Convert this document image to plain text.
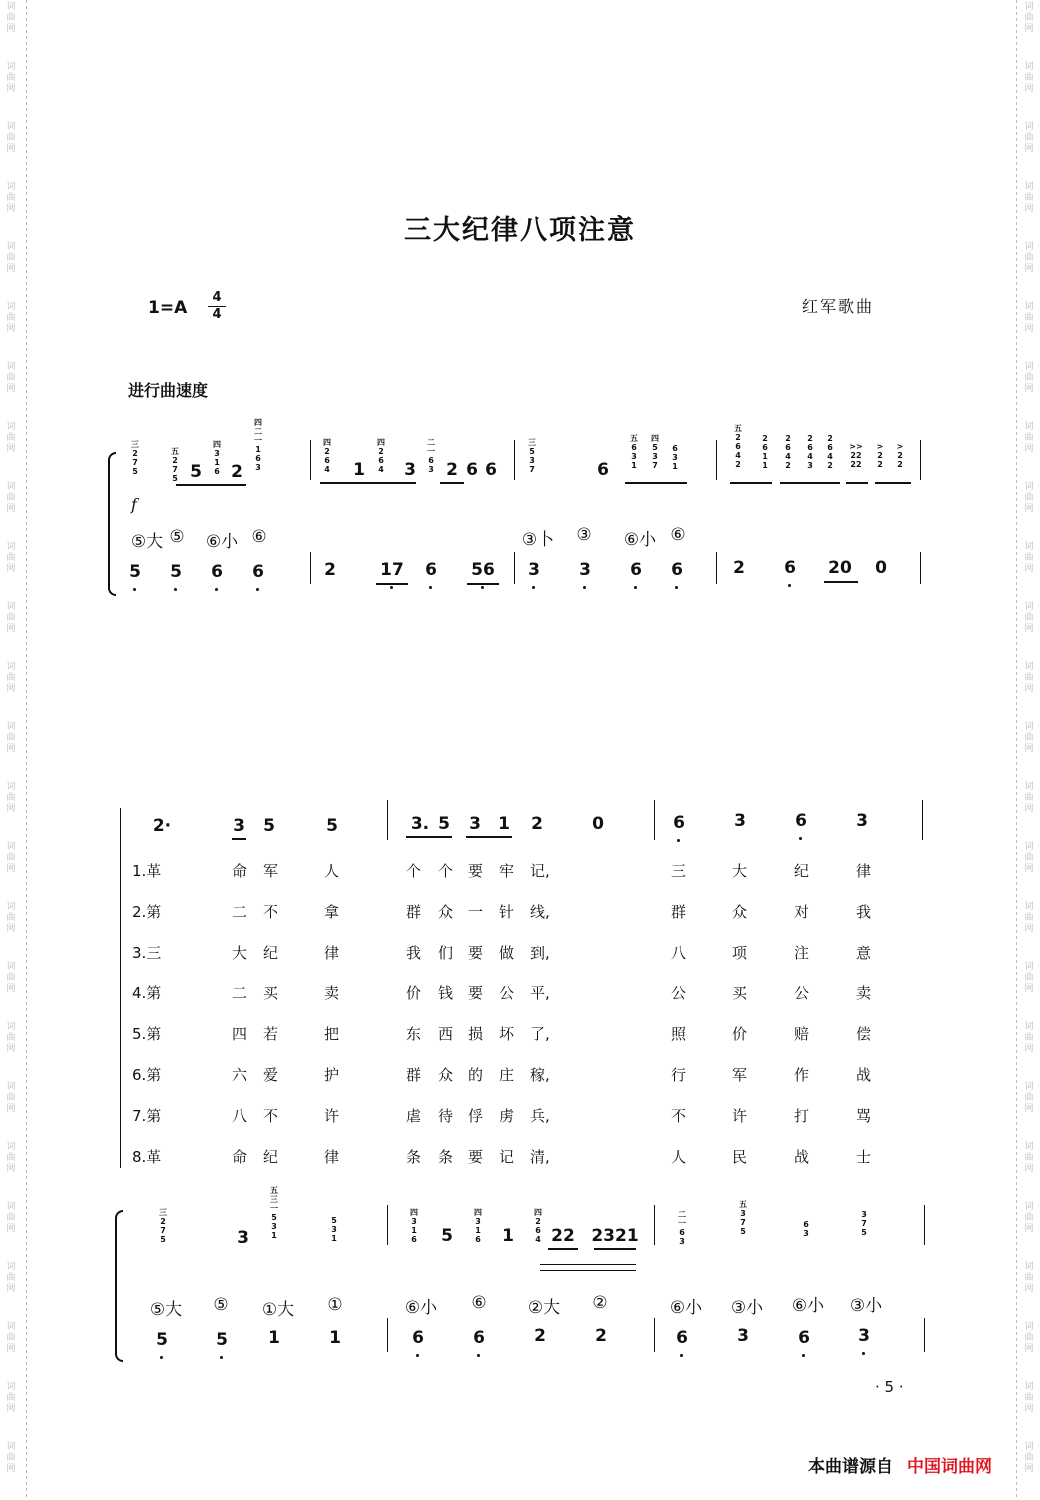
词
曲
网
词
曲
网
词
曲
网
词
曲
网
词
曲
网
词
曲
网
词
曲
网
词
曲
网
词
曲
网
词
曲
网
词
曲
网
词
曲
网
词
曲
网
词
曲
网
词
曲
网
词
曲
网
词
曲
网
词
曲
网
词
曲
网
词
曲
网
词
曲
网
词
曲
网
词
曲
网
词
曲
网
词
曲
网
词
曲
网
词
曲
网
词
曲
网
词
曲
网
词
曲
网
词
曲
网
词
曲
网
词
曲
网
词
曲
网
词
曲
网
词
曲
网
词
曲
网
词
曲
网
词
曲
网
词
曲
网
词
曲
网
词
曲
网
词
曲
网
词
曲
网
词
曲
网
词
曲
网
词
曲
网
词
曲
网
词
曲
网
词
曲
网
三大纪律八项注意
1=A
4
4	红军歌曲
进行曲速度
f
三
2
7
5
五
2
7
5
四
3
1
6
四
二
一
1
6
3
四
2
6
4
四
2
6
4
二
一
6
3
三
5
3
7
五
6
3
1
四
5
3
7
6
3
1
五
2
6
4
2
2
6
1
1
2
6
4
2
2
6
4
3
2
6
4
2
>>
22
22
>
2
2
>
2
2
5	2	1	3	2 6 6	6
⑤大 ⑤	⑥小 ⑥	③卜	③	⑥小 ⑥
5	5	6	6	2	17	6	56	3	3	6	6	2	6	20	0
2·	3	5	5	3. 5	3	1	2	0	6	3	6	3
1.革	命 军	人	个 个 要 牢 记,	三	大	纪	律
2.第	二 不	拿	群 众 一 针 线,	群	众	对	我
3.三	大 纪	律	我 们 要 做 到,	八	项	注	意
4.第	二 买	卖	价 钱 要 公 平,	公	买	公	卖
5.第	四 若	把	东 西 损 坏 了,	照	价	赔	偿
6.第	六 爱	护	群 众 的 庄 稼,	行	军	作	战
7.第	八 不	许	虐 待 俘 虏 兵,	不	许	打	骂
8.革	命 纪	律	条 条 要 记 清,	人	民	战	士
三
2
7
5
五
三
一
5
3
1
5
3
1
四
3
1
6
四
3
1
6
四
2
6
4
二
一
6
3
五
3
7
5
6
3
3
7
5
3	5	1	22 2321
⑤大	⑤	①大	①	⑥小	⑥	②大	②	⑥小 ③小 ⑥小 ③小
5	5	1	1	6	6	2	2	6	3	6	3
· 5 ·
本曲谱源自 中国词曲网
